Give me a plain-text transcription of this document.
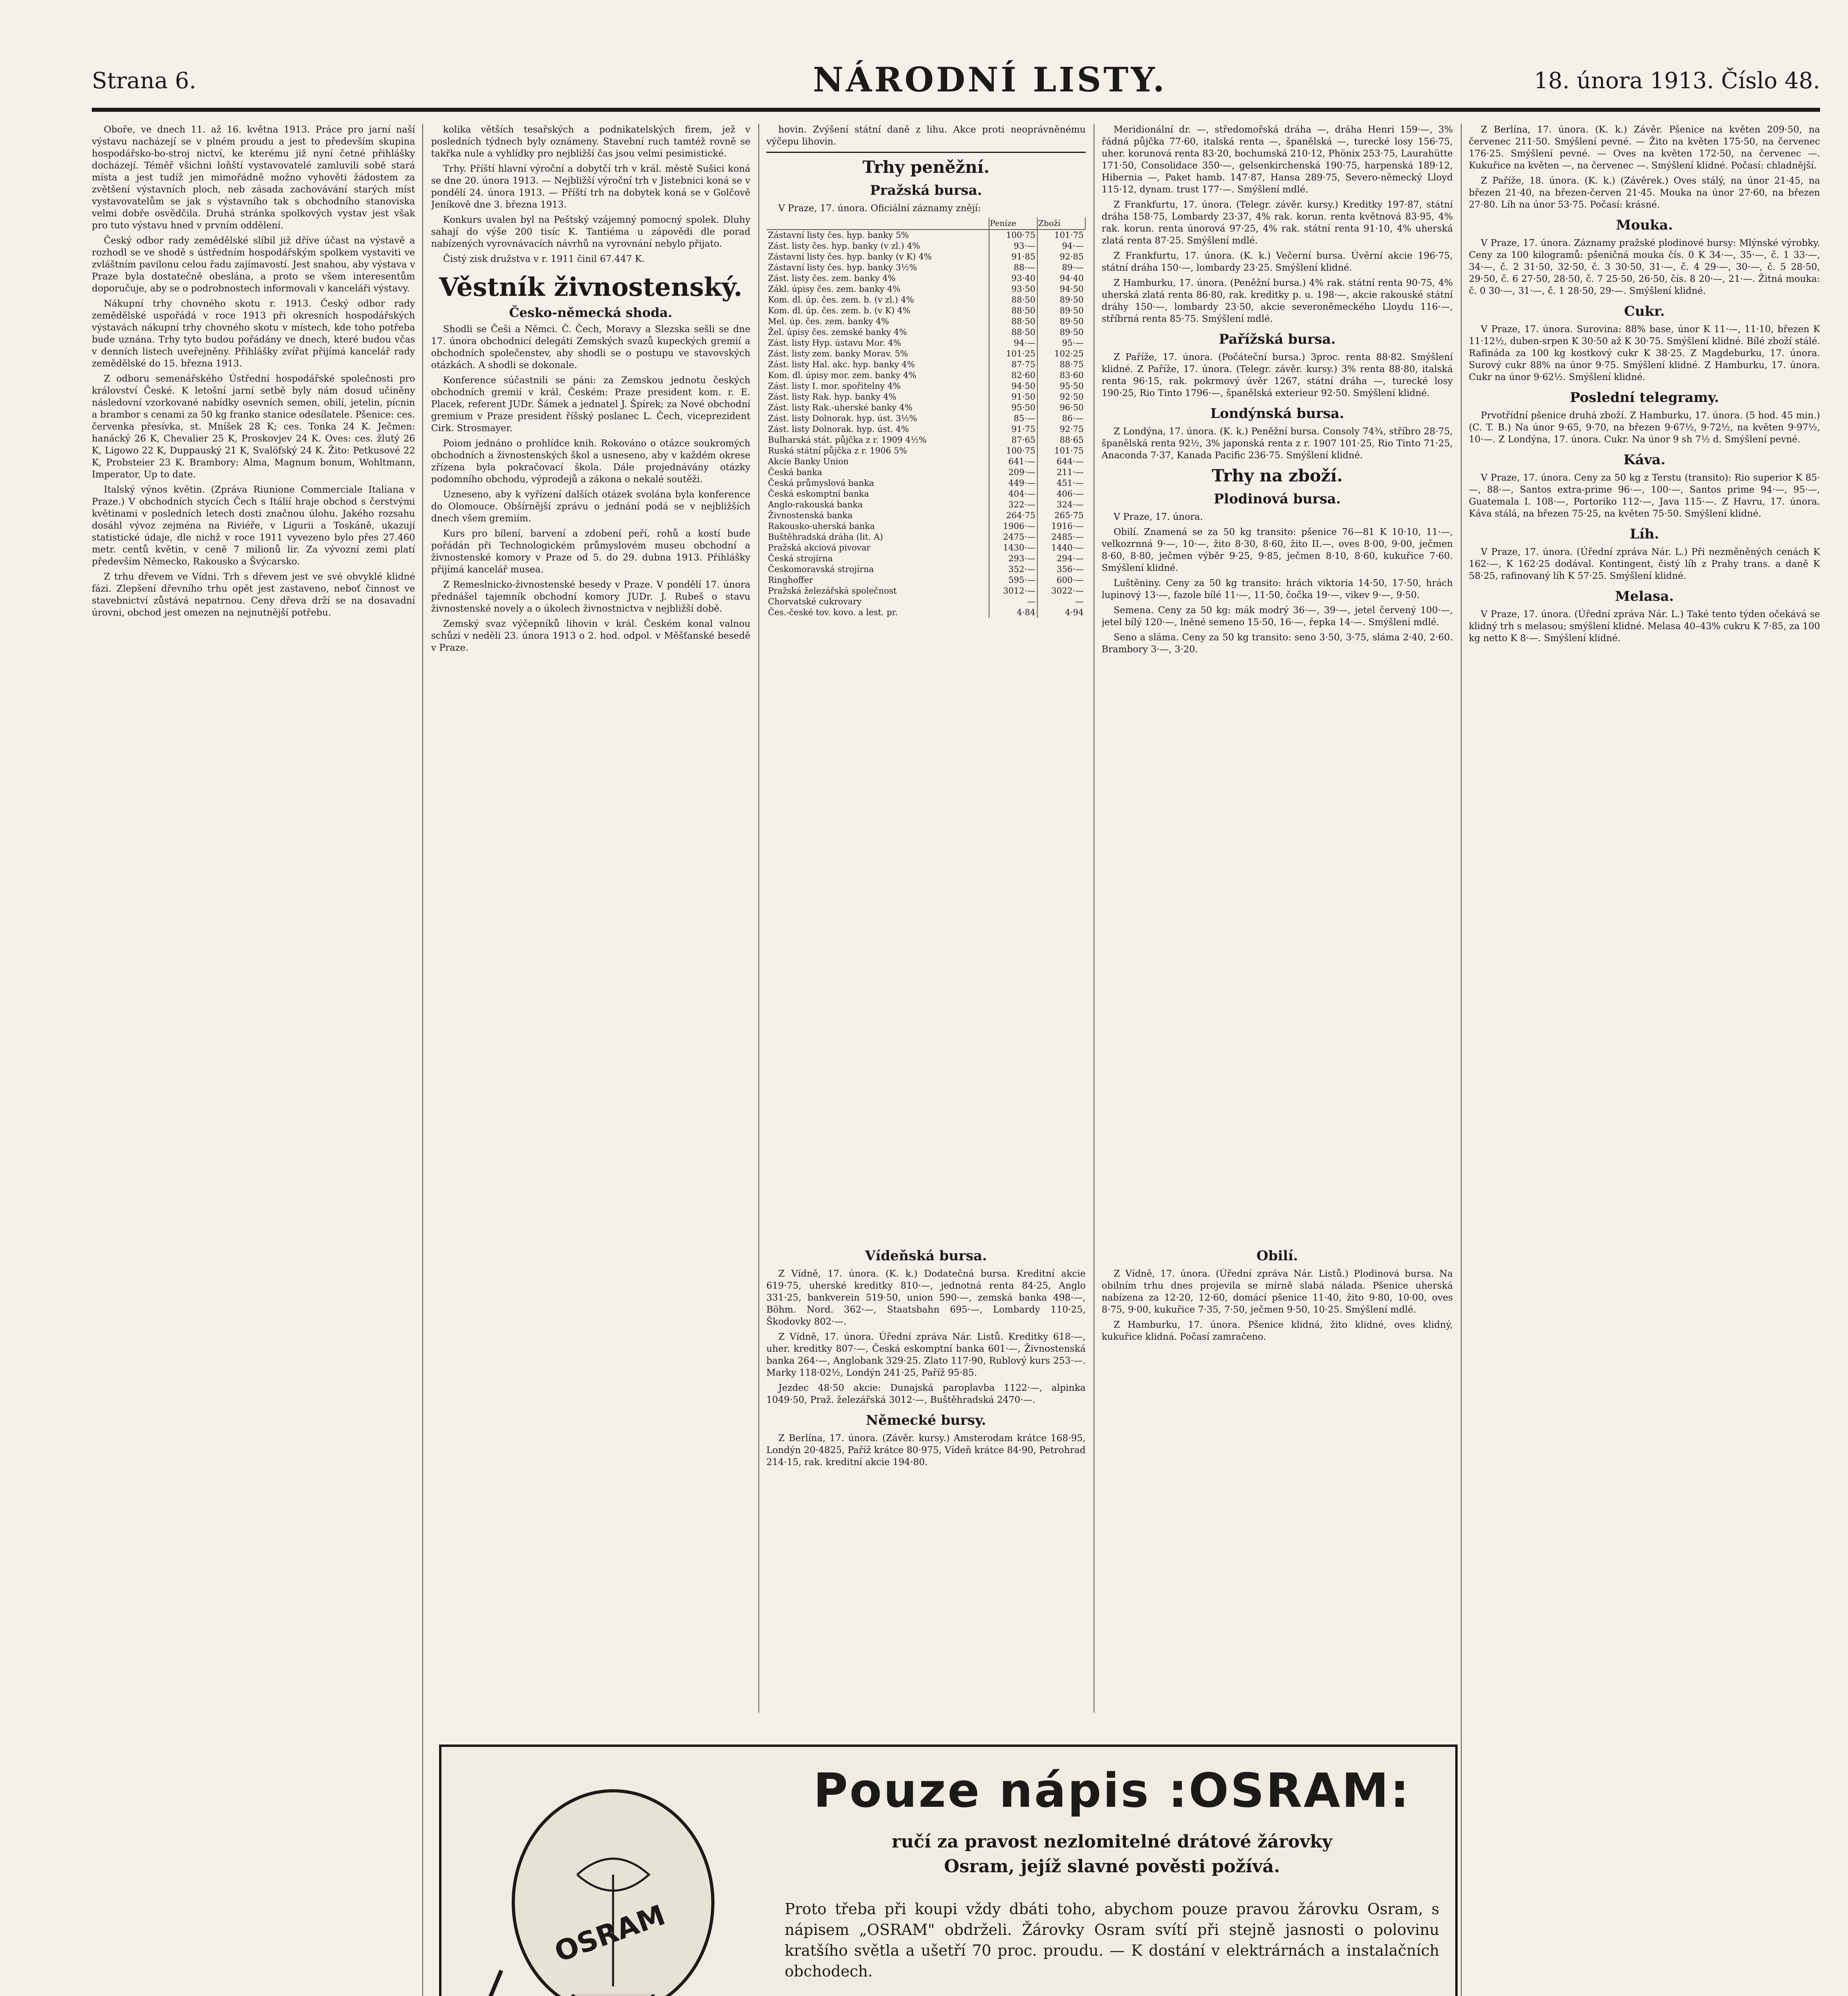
Strana 6.	NÁRODNÍ LISTY.	18. února 1913. Číslo 48.

Oboře, ve dnech 11. až 16. května 1913. Práce pro jarní naší výstavu nacházejí se v plném proudu a jest to především skupina hospodářsko-bo-stroj nictví, ke kterému již nyní četné přihlášky docházejí. Téměř všichni loňští vystavovatelé zamluvili sobě stará místa a jest tudíž jen mimořádně možno vyhověti žádostem za zvětšení výstavních ploch, neb zásada zachovávání starých míst vystavovatelům se jak s výstavního tak s obchodního stanoviska velmi dobře osvědčila. Druhá stránka spolkových vystav jest však pro tuto výstavu hned v prvním oddělení.

Český odbor rady zemědělské slíbil již dříve účast na výstavě a rozhodl se ve shodě s ústředním hospodářským spolkem vystaviti ve zvláštním pavilonu celou řadu zajímavostí. Jest snahou, aby výstava v Praze byla dostatečně obeslána, a proto se všem interesentům doporučuje, aby se o podrobnostech informovali v kanceláři výstavy.

Nákupní trhy chovného skotu r. 1913. Český odbor rady zemědělské uspořádá v roce 1913 při okresních hospodářských výstavách nákupní trhy chovného skotu v místech, kde toho potřeba bude uznána. Trhy tyto budou pořádány ve dnech, které budou včas v denních listech uveřejněny. Přihlášky zvířat přijímá kancelář rady zemědělské do 15. března 1913.

Z odboru semenářského Ústřední hospodářské společnosti pro království České. K letošní jarní setbě byly nám dosud učiněny následovní vzorkované nabídky osevních semen, obilí, jetelin, pícnin a brambor s cenami za 50 kg franko stanice odesílatele. Pšenice: ces. červenka přesívka, st. Mníšek 28 K; ces. Tonka 24 K. Ječmen: hanácký 26 K, Chevalier 25 K, Proskovjev 24 K. Oves: ces. žlutý 26 K, Ligowo 22 K, Duppauský 21 K, Svalöfský 24 K. Žito: Petkusové 22 K, Probsteier 23 K. Brambory: Alma, Magnum bonum, Wohltmann, Imperator, Up to date.

Italský výnos květin. (Zpráva Riunione Commerciale Italiana v Praze.) V obchodních stycích Čech s Itálií hraje obchod s čerstvými květinami v posledních letech dosti značnou úlohu. Jakého rozsahu dosáhl vývoz zejména na Riviéře, v Ligurii a Toskáně, ukazují statistické údaje, dle nichž v roce 1911 vyvezeno bylo přes 27.460 metr. centů květin, v ceně 7 milionů lir. Za vývozní zemi platí především Německo, Rakousko a Švýcarsko.

Z trhu dřevem ve Vídni. Trh s dřevem jest ve své obvyklé klidné fázi. Zlepšení dřevního trhu opět jest zastaveno, neboť činnost ve stavebnictví zůstává nepatrnou. Ceny dřeva drží se na dosavadní úrovni, obchod jest omezen na nejnutnější potřebu.

kolika větších tesařských a podnikatelských firem, jež v posledních týdnech byly oznámeny. Stavební ruch tamtéž rovně se takřka nule a vyhlídky pro nejbližší čas jsou velmi pesimistické.

Trhy. Příští hlavní výroční a dobytčí trh v král. městě Sušici koná se dne 20. února 1913. — Nejbližší výroční trh v Jistebnici koná se v pondělí 24. února 1913. — Příští trh na dobytek koná se v Golčově Jeníkově dne 3. března 1913.

Konkurs uvalen byl na Peštský vzájemný pomocný spolek. Dluhy sahají do výše 200 tisíc K. Tantiéma u zápovědi dle porad nabízených vyrovnávacích návrhů na vyrovnání nebylo přijato.

Čistý zisk družstva v r. 1911 činil 67.447 K.

Věstník živnostenský.
Česko-německá shoda.

Shodli se Češi a Němci. Č. Čech, Moravy a Slezska sešli se dne 17. února obchodnicí delegáti Zemských svazů kupeckých gremií a obchodních společenstev, aby shodli se o postupu ve stavovských otázkách. A shodli se dokonale.

Konference súčastnili se páni: za Zemskou jednotu českých obchodních gremií v král. Českém: Praze president kom. r. E. Placek, referent JUDr. Šámek a jednatel J. Špírek; za Nové obchodní gremium v Praze president říšský poslanec L. Čech, viceprezident Cirk. Strosmayer.

Poiom jednáno o prohlídce knih. Rokováno o otázce soukromých obchodních a živnostenských škol a usneseno, aby v každém okrese zřízena byla pokračovací škola. Dále projednávány otázky podomního obchodu, výprodejů a zákona o nekalé soutěži.

Uzneseno, aby k vyřízení dalších otázek svolána byla konference do Olomouce. Obšírnější zprávu o jednání podá se v nejbližších dnech všem gremiím.

Kurs pro bílení, barvení a zdobení peří, rohů a kostí bude pořádán při Technologickém průmyslovém museu obchodní a živnostenské komory v Praze od 5. do 29. dubna 1913. Přihlášky přijímá kancelář musea.

Z Remeslnicko-živnostenské besedy v Praze. V pondělí 17. února přednášel tajemník obchodní komory JUDr. J. Rubeš o stavu živnostenské novely a o úkolech živnostnictva v nejbližší době.

Zemský svaz výčepníků lihovin v král. Českém konal valnou schůzi v neděli 23. února 1913 o 2. hod. odpol. v Měšťanské besedě v Praze.

hovin. Zvýšení státní daně z lihu. Akce proti neoprávněnému výčepu lihovin.

Trhy peněžní.
Pražská bursa.

V Praze, 17. února. Oficiální záznamy znějí:

	Peníze	Zboží
Zástavní listy čes. hyp. banky 5%	100·75	101·75
Zást. listy čes. hyp. banky (v zl.) 4%	93·—	94·—
Zástavní listy čes. hyp. banky (v K) 4%	91·85	92·85
Zástavní listy čes. hyp. banky 3½%	88·—	89·—
Zást. listy čes. zem. banky 4%	93·40	94·40
Zákl. úpisy čes. zem. banky 4%	93·50	94·50
Kom. dl. úp. čes. zem. b. (v zl.) 4%	88·50	89·50
Kom. dl. úp. čes. zem. b. (v K) 4%	88·50	89·50
Mel. úp. čes. zem. banky 4%	88·50	89·50
Žel. úpisy čes. zemské banky 4%	88·50	89·50
Zást. listy Hyp. ústavu Mor. 4%	94·—	95·—
Zást. listy zem. banky Morav. 5%	101·25	102·25
Zást. listy Hal. akc. hyp. banky 4%	87·75	88·75
Kom. dl. úpisy mor. zem. banky 4%	82·60	83·60
Zást. listy I. mor. spořitelny 4%	94·50	95·50
Zást. listy Rak. hyp. banky 4%	91·50	92·50
Zást. listy Rak.-uherské banky 4%	95·50	96·50
Zást. listy Dolnorak. hyp. úst. 3½%	85·—	86·—
Zást. listy Dolnorak. hyp. úst. 4%	91·75	92·75
Bulharská stát. půjčka z r. 1909 4½%	87·65	88·65
Ruská státní půjčka z r. 1906 5%	100·75	101·75
Akcie Banky Union	641·—	644·—
Česká banka	209·—	211·—
Česká průmyslová banka	449·—	451·—
Česká eskomptní banka	404·—	406·—
Anglo-rakouská banka	322·—	324·—
Živnostenská banka	264·75	265·75
Rakousko-uherská banka	1906·—	1916·—
Buštěhradská dráha (lit. A)	2475·—	2485·—
Pražská akciová pivovar	1430·—	1440·—
Česká strojírna	293·—	294·—
Českomoravská strojírna	352·—	356·—
Ringhoffer	595·—	600·—
Pražská železářská společnost	3012·—	3022·—
Chorvatské cukrovary	—	—
Čes.-české tov. kovo. a lest. pr.	4·84	4·94
Vídeňská bursa.

Z Vídně, 17. února. (K. k.) Dodatečná bursa. Kreditní akcie 619·75, uherské kreditky 810·—, jednotná renta 84·25, Anglo 331·25, bankverein 519·50, union 590·—, zemská banka 498·—, Böhm. Nord. 362·—, Staatsbahn 695·—, Lombardy 110·25, Škodovky 802·—.

Z Vídně, 17. února. Úřední zpráva Nár. Listů. Kreditky 618·—, uher. kreditky 807·—, Česká eskomptní banka 601·—, Živnostenská banka 264·—, Anglobank 329·25. Zlato 117·90, Rublový kurs 253·—. Marky 118·02½, Londýn 241·25, Paříž 95·85.

Jezdec 48·50 akcie: Dunajská paroplavba 1122·—, alpinka 1049·50, Praž. železářská 3012·—, Buštěhradská 2470·—.

Německé bursy.

Z Berlína, 17. února. (Závěr. kursy.) Amsterodam krátce 168·95, Londýn 20·4825, Paříž krátce 80·975, Vídeň krátce 84·90, Petrohrad 214·15, rak. kreditní akcie 194·80.

Meridionální dr. —, středomořská dráha —, dráha Henri 159·—, 3% řádná půjčka 77·60, italská renta —, španělská —, turecké losy 156·75, uher. korunová renta 83·20, bochumská 210·12, Phönix 253·75, Laurahütte 171·50, Consolidace 350·—, gelsenkirchenská 190·75, harpenská 189·12, Hibernia —, Paket hamb. 147·87, Hansa 289·75, Severo-německý Lloyd 115·12, dynam. trust 177·—. Smýšlení mdlé.

Z Frankfurtu, 17. února. (Telegr. závěr. kursy.) Kreditky 197·87, státní dráha 158·75, Lombardy 23·37, 4% rak. korun. renta květnová 83·95, 4% rak. korun. renta únorová 97·25, 4% rak. státní renta 91·10, 4% uherská zlatá renta 87·25. Smýšlení mdlé.

Z Frankfurtu, 17. února. (K. k.) Večerní bursa. Úvěrní akcie 196·75, státní dráha 150·—, lombardy 23·25. Smýšlení klidné.

Z Hamburku, 17. února. (Peněžní bursa.) 4% rak. státní renta 90·75, 4% uherská zlatá renta 86·80, rak. kreditky p. u. 198·—, akcie rakouské státní dráhy 150·—, lombardy 23·50, akcie severoněmeckého Lloydu 116·—, stříbrná renta 85·75. Smýšlení mdlé.

Pařížská bursa.

Z Paříže, 17. února. (Počáteční bursa.) 3proc. renta 88·82. Smýšlení klidné. Z Paříže, 17. února. (Telegr. závěr. kursy.) 3% renta 88·80, italská renta 96·15, rak. pokrmový úvěr 1267, státní dráha —, turecké losy 190·25, Rio Tinto 1796·—, španělská exterieur 92·50. Smýšlení klidné.

Londýnská bursa.

Z Londýna, 17. února. (K. k.) Peněžní bursa. Consoly 74¾, stříbro 28·75, španělská renta 92½, 3% japonská renta z r. 1907 101·25, Rio Tinto 71·25, Anaconda 7·37, Kanada Pacific 236·75. Smýšlení klidné.

Trhy na zboží.
Plodinová bursa.

V Praze, 17. února.

Obilí. Znamená se za 50 kg transito: pšenice 76—81 K 10·10, 11·—, velkozrnná 9·—, 10·—, žito 8·30, 8·60, žito II.—, oves 8·00, 9·00, ječmen 8·60, 8·80, ječmen výběr 9·25, 9·85, ječmen 8·10, 8·60, kukuřice 7·60. Smýšlení klidné.

Luštěniny. Ceny za 50 kg transito: hrách viktoria 14·50, 17·50, hrách lupinový 13·—, fazole bílé 11·—, 11·50, čočka 19·—, vikev 9·—, 9·50.

Semena. Ceny za 50 kg: mák modrý 36·—, 39·—, jetel červený 100·—, jetel bílý 120·—, lněné semeno 15·50, 16·—, řepka 14·—. Smýšlení mdlé.

Seno a sláma. Ceny za 50 kg transito: seno 3·50, 3·75, sláma 2·40, 2·60. Brambory 3·—, 3·20.

Obilí.

Z Vídně, 17. února. (Úřední zpráva Nár. Listů.) Plodinová bursa. Na obilním trhu dnes projevila se mírně slabá nálada. Pšenice uherská nabízena za 12·20, 12·60, domácí pšenice 11·40, žito 9·80, 10·00, oves 8·75, 9·00, kukuřice 7·35, 7·50, ječmen 9·50, 10·25. Smýšlení mdlé.

Z Hamburku, 17. února. Pšenice klidná, žito klidné, oves klidný, kukuřice klidná. Počasí zamračeno.

Z Berlína, 17. února. (K. k.) Závěr. Pšenice na květen 209·50, na červenec 211·50. Smýšlení pevné. — Žito na květen 175·50, na červenec 176·25. Smýšlení pevné. — Oves na květen 172·50, na červenec —. Kukuřice na květen —, na červenec —. Smýšlení klidné. Počasí: chladnější.

Z Paříže, 18. února. (K. k.) (Závěrek.) Oves stálý, na únor 21·45, na březen 21·40, na březen-červen 21·45. Mouka na únor 27·60, na březen 27·80. Líh na únor 53·75. Počasí: krásné.

Mouka.

V Praze, 17. února. Záznamy pražské plodinové bursy: Mlýnské výrobky. Ceny za 100 kilogramů: pšeničná mouka čís. 0 K 34·—, 35·—, č. 1 33·—, 34·—, č. 2 31·50, 32·50, č. 3 30·50, 31·—, č. 4 29·—, 30·—, č. 5 28·50, 29·50, č. 6 27·50, 28·50, č. 7 25·50, 26·50, čís. 8 20·—, 21·—. Žitná mouka: č. 0 30·—, 31·—, č. 1 28·50, 29·—. Smýšlení klidné.

Cukr.

V Praze, 17. února. Surovina: 88% base, únor K 11·—, 11·10, březen K 11·12½, duben-srpen K 30·50 až K 30·75. Smýšlení klidné. Bílé zboží stálé. Rafináda za 100 kg kostkový cukr K 38·25. Z Magdeburku, 17. února. Surový cukr 88% na únor 9·75. Smýšlení klidné. Z Hamburku, 17. února. Cukr na únor 9·62½. Smýšlení klidné.

Poslední telegramy.

Prvotřídní pšenice druhá zboží. Z Hamburku, 17. února. (5 hod. 45 min.) (C. T. B.) Na únor 9·65, 9·70, na březen 9·67½, 9·72½, na květen 9·97½, 10·—. Z Londýna, 17. února. Cukr. Na únor 9 sh 7½ d. Smýšlení pevné.

Káva.

V Praze, 17. února. Ceny za 50 kg z Terstu (transito): Rio superior K 85·—, 88·—, Santos extra-prime 96·—, 100·—, Santos prime 94·—, 95·—, Guatemala I. 108·—, Portoriko 112·—, Java 115·—. Z Havru, 17. února. Káva stálá, na březen 75·25, na květen 75·50. Smýšlení klidné.

Líh.

V Praze, 17. února. (Úřední zpráva Nár. L.) Při nezměněných cenách K 162·—, K 162·25 dodával. Kontingent, čistý líh z Prahy trans. a daně K 58·25, rafinovaný líh K 57·25. Smýšlení klidné.

Melasa.

V Praze, 17. února. (Úřední zpráva Nár. L.) Také tento týden očekává se klidný trh s melasou; smýšlení klidné. Melasa 40–43% cukru K 7·85, za 100 kg netto K 8·—. Smýšlení klidné.

OSRAM
Pouze nápis :OSRAM:
ručí za pravost nezlomitelné drátové žárovky
Osram, jejíž slavné pověsti požívá.
Proto třeba při koupi vždy dbáti toho, abychom pouze pravou žárovku Osram, s nápisem „OSRAM" obdrželi. Žárovky Osram svítí při stejně jasnosti o polovinu kratšího světla a ušetří 70 proc. proudu. — K dostání v elektrárnách a instalačních obchodech.
